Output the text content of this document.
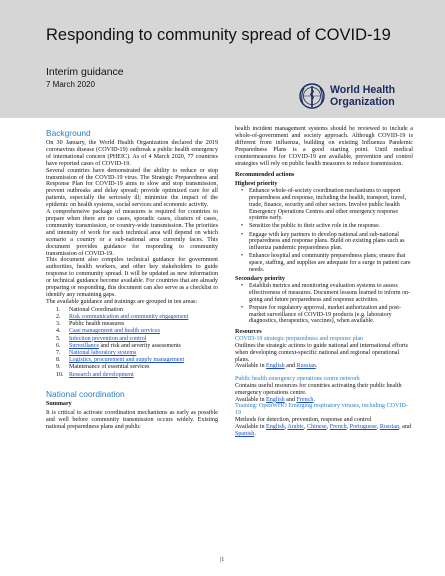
Responding to community spread of COVID-19
Interim guidance
7 March 2020	World Health
Organization
Background

On 30 January, the World Health Organization declared the 2019 coronavirus disease (COVID-19) outbreak a public health emergency of international concern (PHEIC). As of 4 March 2020, 77 countries have reported cases of COVID-19.

Several countries have demonstrated the ability to reduce or stop transmission of the COVID-19 virus. The Strategic Preparedness and Response Plan for COVID-19 aims to slow and stop transmission, prevent outbreaks and delay spread; provide optimized care for all patients, especially the seriously ill; minimize the impact of the epidemic on health systems, social services and economic activity.

A comprehensive package of measures is required for countries to prepare when there are no cases, sporadic cases, clusters of cases, community transmission, or country-wide transmission. The priorities and intensity of work for each technical area will depend on which scenario a country or a sub-national area currently faces. This document provides guidance for responding to community transmission of COVID-19.

This document also compiles technical guidance for government authorities, health workers, and other key stakeholders to guide response to community spread. It will be updated as new information or technical guidance become available. For countries that are already preparing or responding, this document can also serve as a checklist to identify any remaining gaps.

The available guidance and trainings are grouped in ten areas:

1.	National Coordination
2.	Risk communication and community engagement
3.	Public health measures
4.	Case management and health services
5.	Infection prevention and control
6.	Surveillance and risk and severity assessments
7.	National laboratory systems
8.	Logistics, procurement and supply management
9.	Maintenance of essential services
10. Research and development
National coordination

Summary

It is critical to activate coordination mechanisms as early as possible and well before community transmission occurs widely. Existing national preparedness plans and public

health incident management systems should be reviewed to include a whole-of-government and society approach. Although COVID-19 is different from influenza, building on existing Influenza Pandemic Preparedness Plans is a good starting point. Until medical countermeasures for COVID-19 are available, prevention and control strategies will rely on public health measures to reduce transmission.

Recommended actions
Highest priority
• Enhance whole-of-society coordination mechanisms to support preparedness and response, including the health, transport, travel, trade, finance, security and other sectors. Involve public health Emergency Operations Centres and other emergency response systems early.
• Sensitize the public to their active role in the response.
• Engage with key partners to develop national and sub-national preparedness and response plans. Build on existing plans such as influenza pandemic preparedness plan.
• Enhance hospital and community preparedness plans; ensure that space, staffing, and supplies are adequate for a surge in patient care needs.
Secondary priority
• Establish metrics and monitoring evaluation systems to assess effectiveness of measures. Document lessons learned to inform on-going and future preparedness and response activities.
• Prepare for regulatory approval, market authorization and post-market surveillance of COVID-19 products (e.g. laboratory diagnostics, therapeutics, vaccines), when available.
Resources
COVID-19 strategic preparedness and response plan
Outlines the strategic actions to guide national and international efforts when developing context-specific national and regional operational plans.
Available in English and Russian.
Public health emergency operations centre network
Contains useful resources for countries activating their public health emergency operations centre.
Available in English and French.
Training: OpenWHO Emerging respiratory viruses, including COVID-19
Methods for detection, prevention, response and control
Available in English, Arabic, Chinese, French, Portuguese, Russian, and Spanish.
|1
